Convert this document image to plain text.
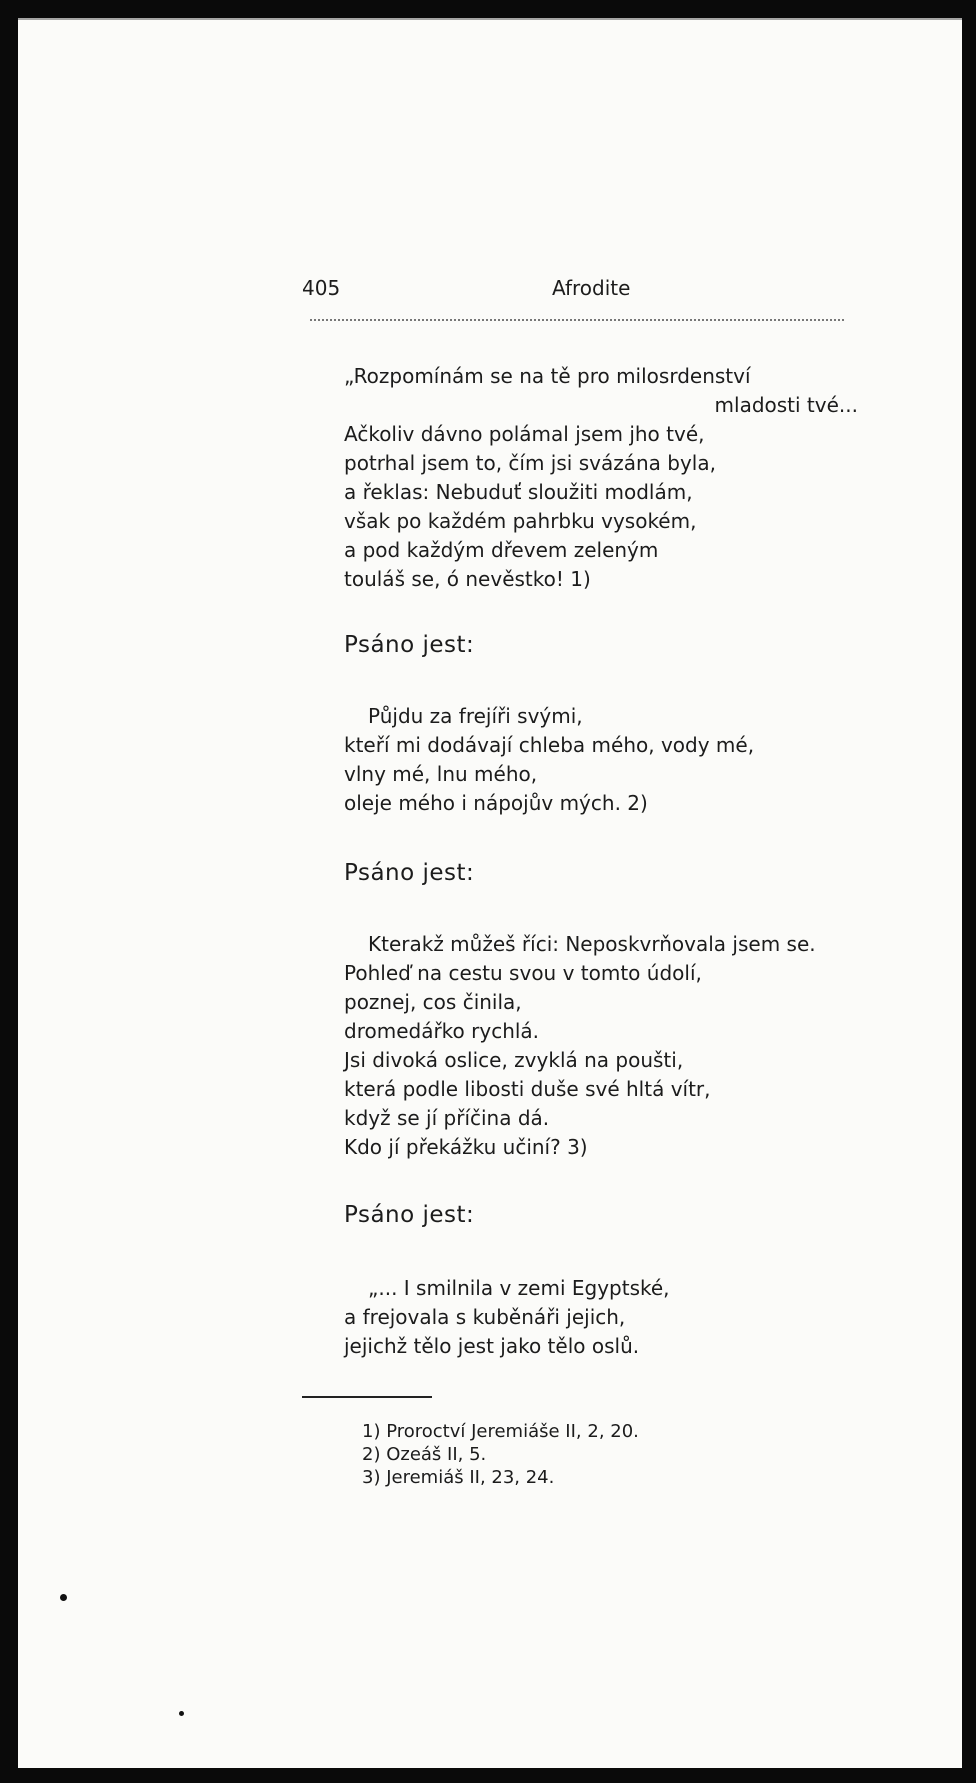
405	Afrodite
„Rozpomínám se na tě pro milosrdenství
mladosti tvé...
Ačkoliv dávno polámal jsem jho tvé,
potrhal jsem to, čím jsi svázána byla,
a řeklas: Nebuduť sloužiti modlám,
však po každém pahrbku vysokém,
a pod každým dřevem zeleným
touláš se, ó nevěstko! 1)
Psáno jest:
Půjdu za frejíři svými,
kteří mi dodávají chleba mého, vody mé,
vlny mé, lnu mého,
oleje mého i nápojův mých. 2)
Psáno jest:
Kterakž můžeš říci: Neposkvrňovala jsem se.
Pohleď na cestu svou v tomto údolí,
poznej, cos činila,
dromedářko rychlá.
Jsi divoká oslice, zvyklá na poušti,
která podle libosti duše své hltá vítr,
když se jí příčina dá.
Kdo jí překážku učiní? 3)
Psáno jest:
„... I smilnila v zemi Egyptské,
a frejovala s kuběnáři jejich,
jejichž tělo jest jako tělo oslů.
1) Proroctví Jeremiáše II, 2, 20.
2) Ozeáš II, 5.
3) Jeremiáš II, 23, 24.
